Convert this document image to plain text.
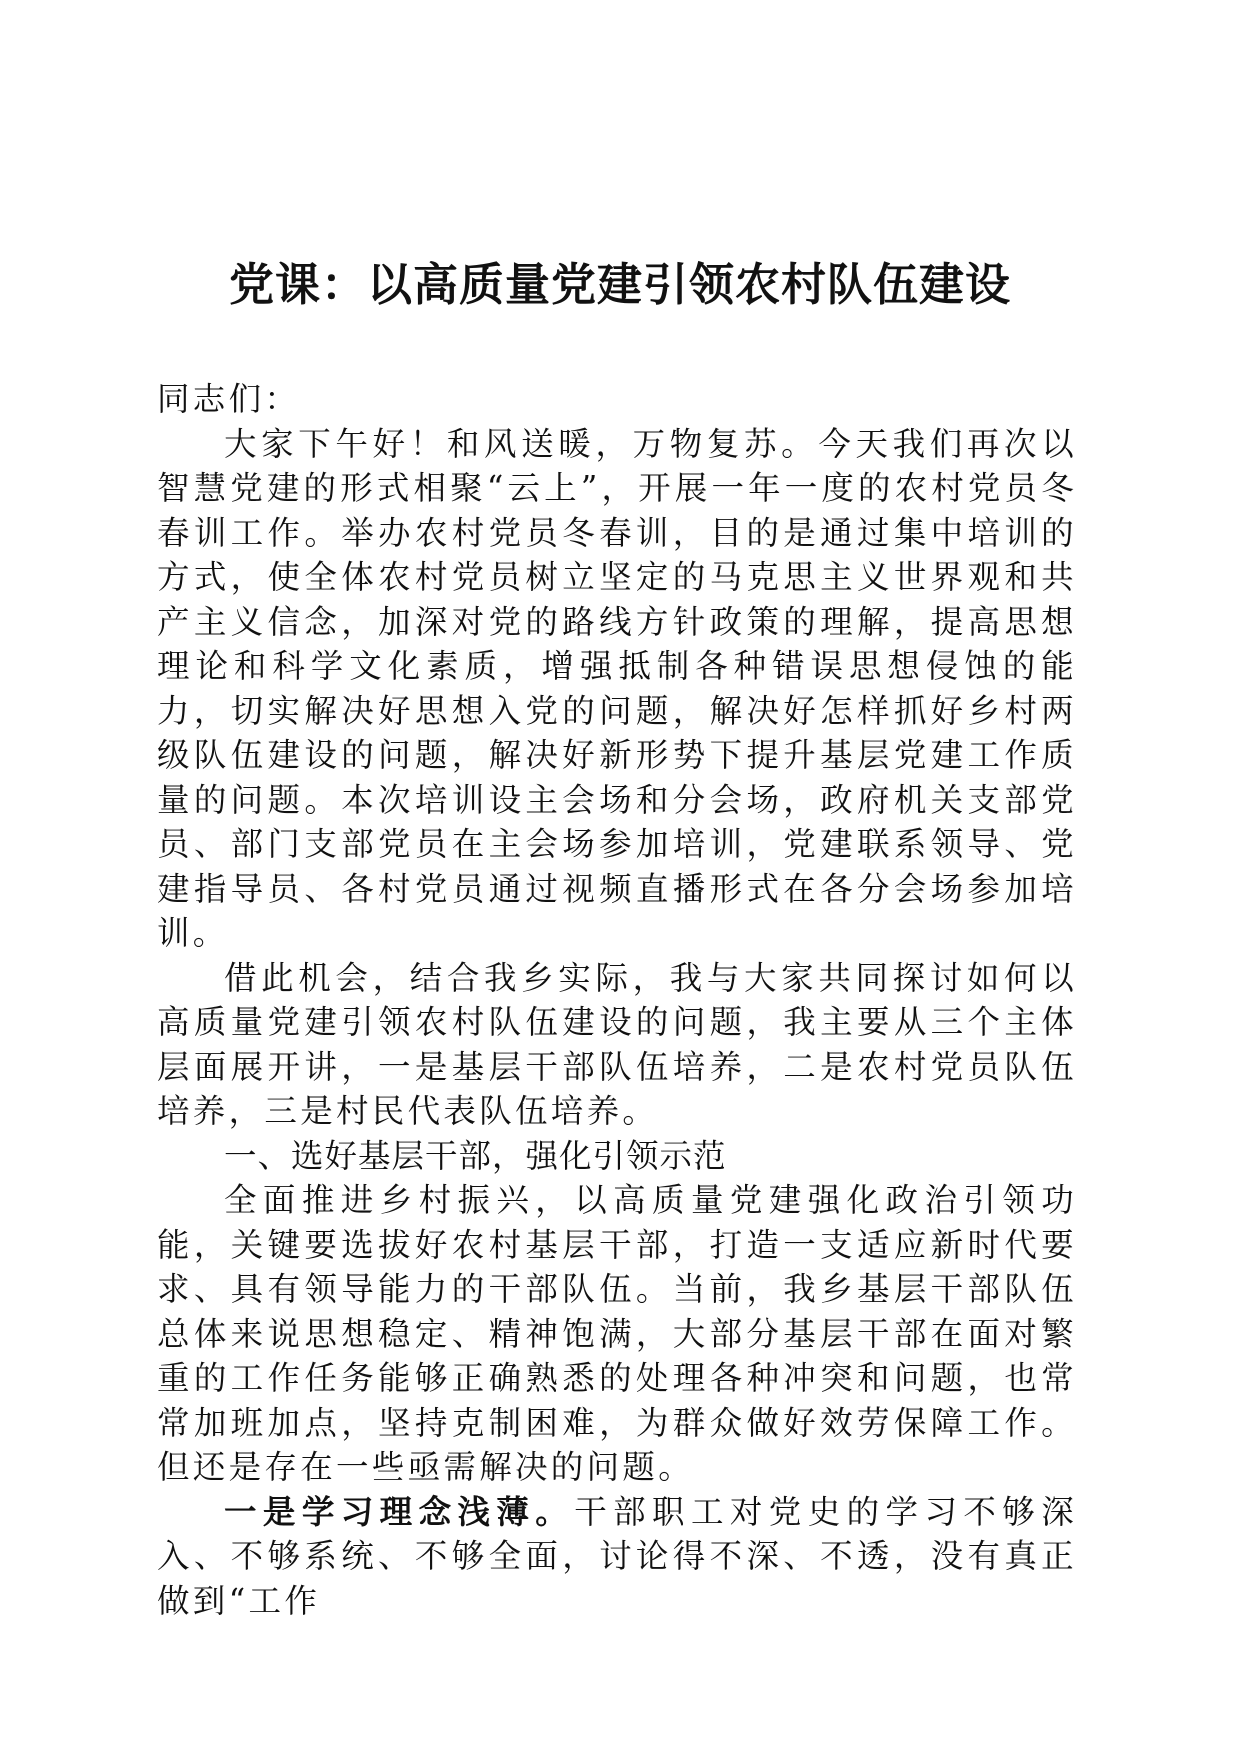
党课：以高质量党建引领农村队伍建设

同志们：

大家下午好！和风送暖，万物复苏。今天我们再次以智慧党建的形式相聚“云上”，开展一年一度的农村党员冬春训工作。举办农村党员冬春训，目的是通过集中培训的方式，使全体农村党员树立坚定的马克思主义世界观和共产主义信念，加深对党的路线方针政策的理解，提高思想理论和科学文化素质，增强抵制各种错误思想侵蚀的能力，切实解决好思想入党的问题，解决好怎样抓好乡村两级队伍建设的问题，解决好新形势下提升基层党建工作质量的问题。本次培训设主会场和分会场，政府机关支部党员、部门支部党员在主会场参加培训，党建联系领导、党建指导员、各村党员通过视频直播形式在各分会场参加培训。

借此机会，结合我乡实际，我与大家共同探讨如何以高质量党建引领农村队伍建设的问题，我主要从三个主体层面展开讲，一是基层干部队伍培养，二是农村党员队伍培养，三是村民代表队伍培养。

一、选好基层干部，强化引领示范

全面推进乡村振兴，以高质量党建强化政治引领功能，关键要选拔好农村基层干部，打造一支适应新时代要求、具有领导能力的干部队伍。当前，我乡基层干部队伍总体来说思想稳定、精神饱满，大部分基层干部在面对繁重的工作任务能够正确熟悉的处理各种冲突和问题，也常常加班加点，坚持克制困难，为群众做好效劳保障工作。但还是存在一些亟需解决的问题。

一是学习理念浅薄。干部职工对党史的学习不够深入、不够系统、不够全面，讨论得不深、不透，没有真正做到“工作
